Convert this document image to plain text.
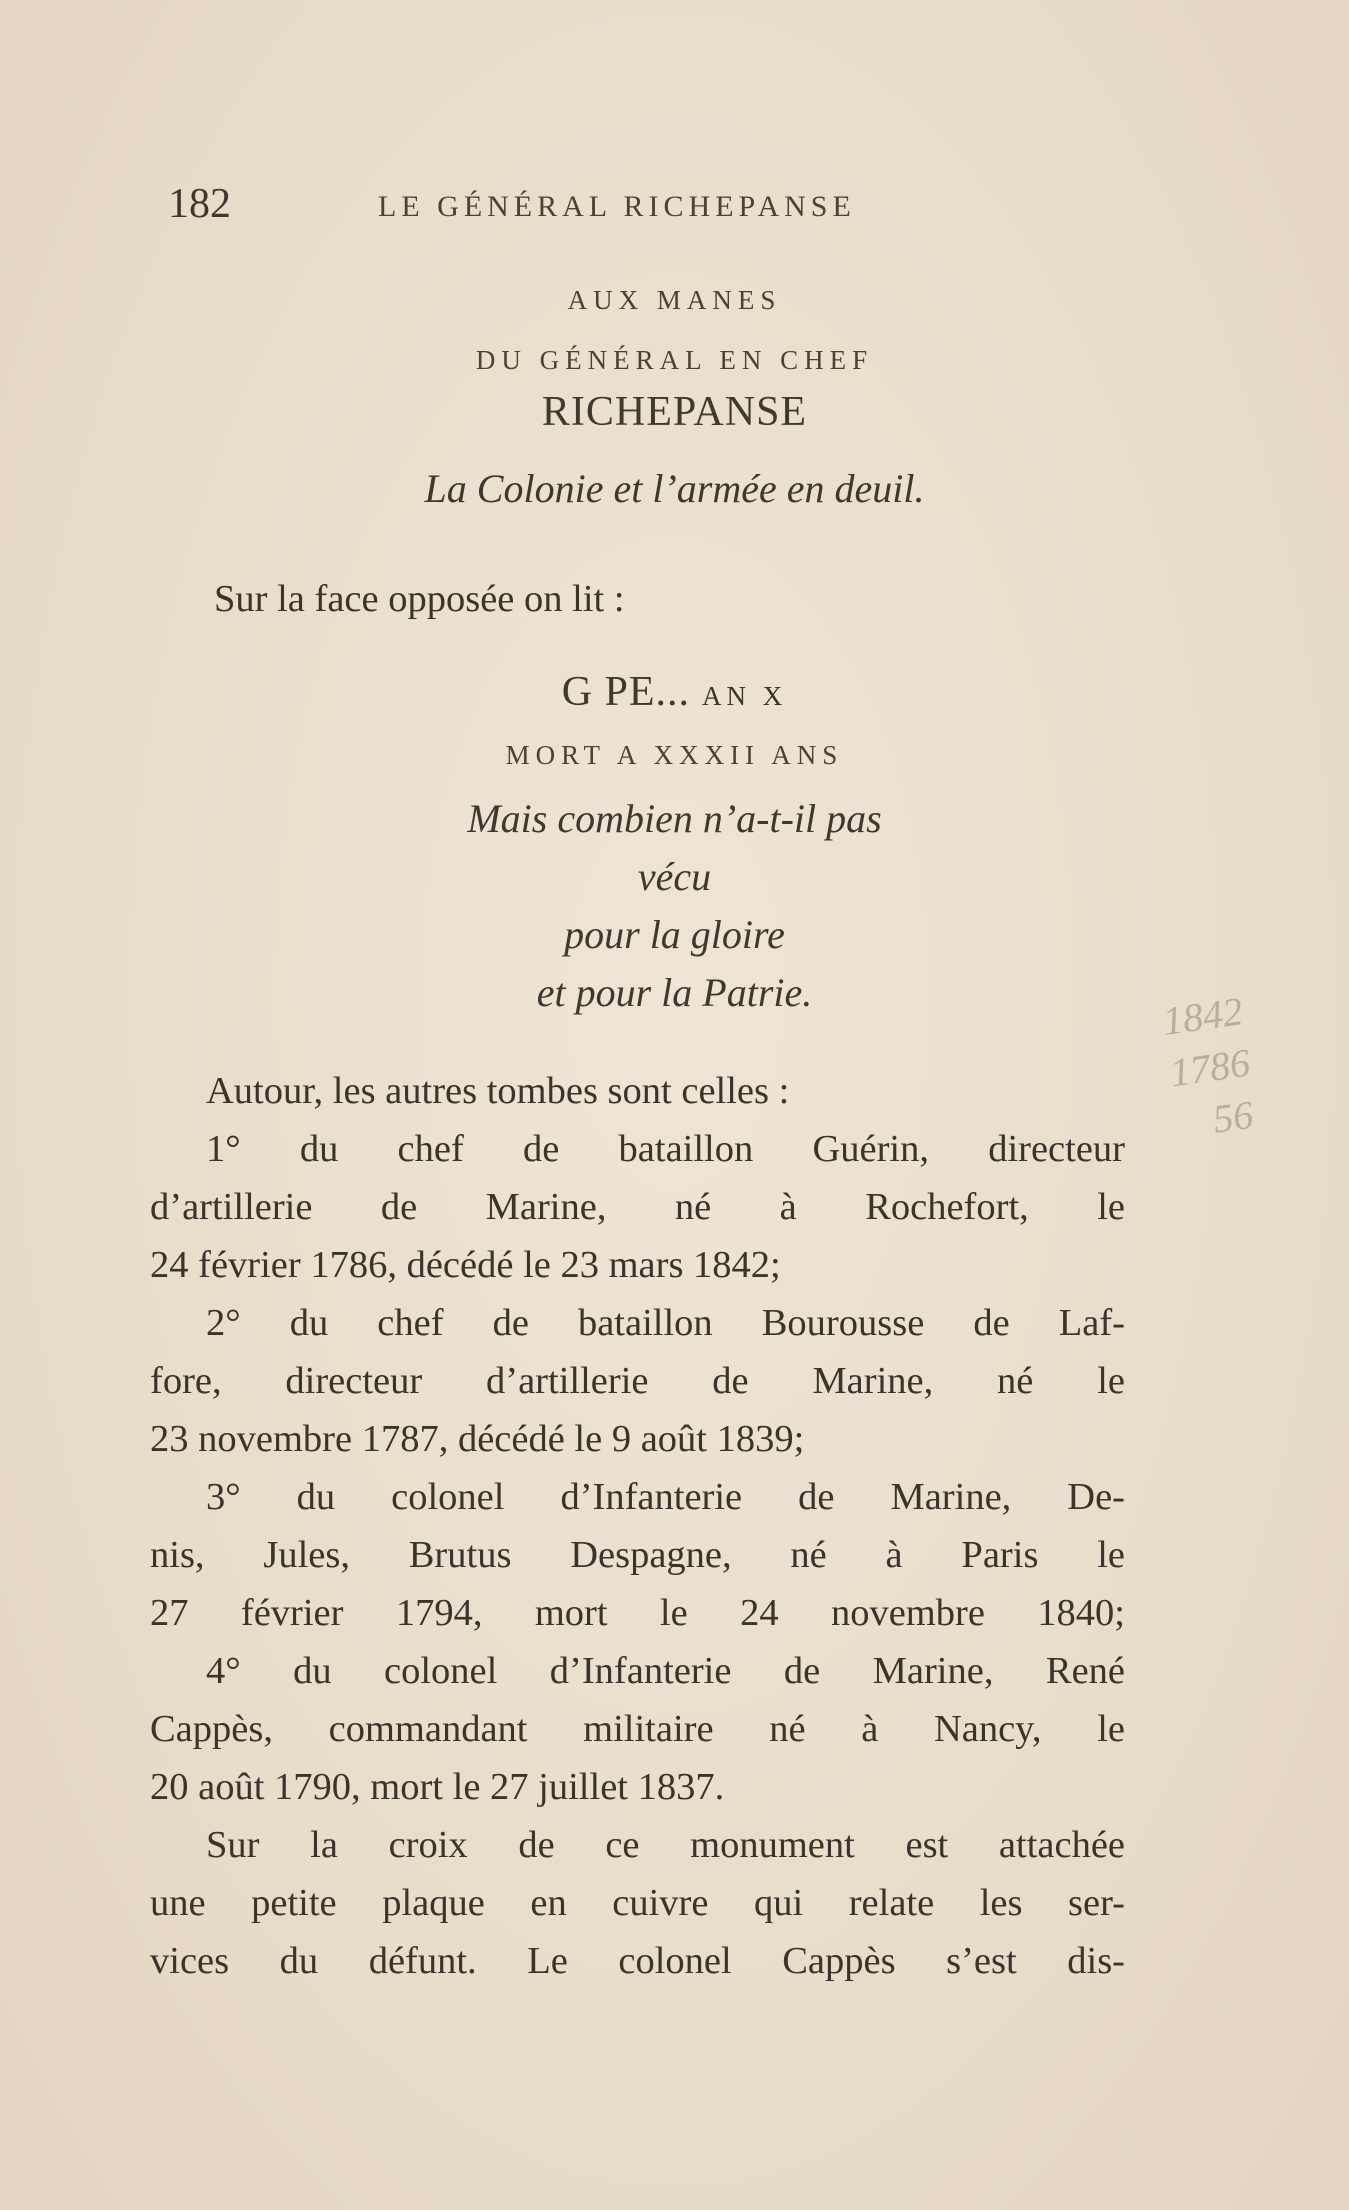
182	LE GÉNÉRAL RICHEPANSE
AUX MANES
DU GÉNÉRAL EN CHEF
RICHEPANSE
La Colonie et l’armée en deuil.
Sur la face opposée on lit :
G PE... AN X
MORT A XXXII ANS
Mais combien n’a-t-il pas
vécu
pour la gloire
et pour la Patrie.
Autour, les autres tombes sont celles :
1° du chef de bataillon Guérin, directeur
d’artillerie de Marine, né à Rochefort, le
24 février 1786, décédé le 23 mars 1842;
2° du chef de bataillon Bourousse de Laf-
fore, directeur d’artillerie de Marine, né le
23 novembre 1787, décédé le 9 août 1839;
3° du colonel d’Infanterie de Marine, De-
nis, Jules, Brutus Despagne, né à Paris le
27 février 1794, mort le 24 novembre 1840;
4° du colonel d’Infanterie de Marine, René
Cappès, commandant militaire né à Nancy, le
20 août 1790, mort le 27 juillet 1837.
Sur la croix de ce monument est attachée
une petite plaque en cuivre qui relate les ser-
vices du défunt. Le colonel Cappès s’est dis-
1842
1786
56
